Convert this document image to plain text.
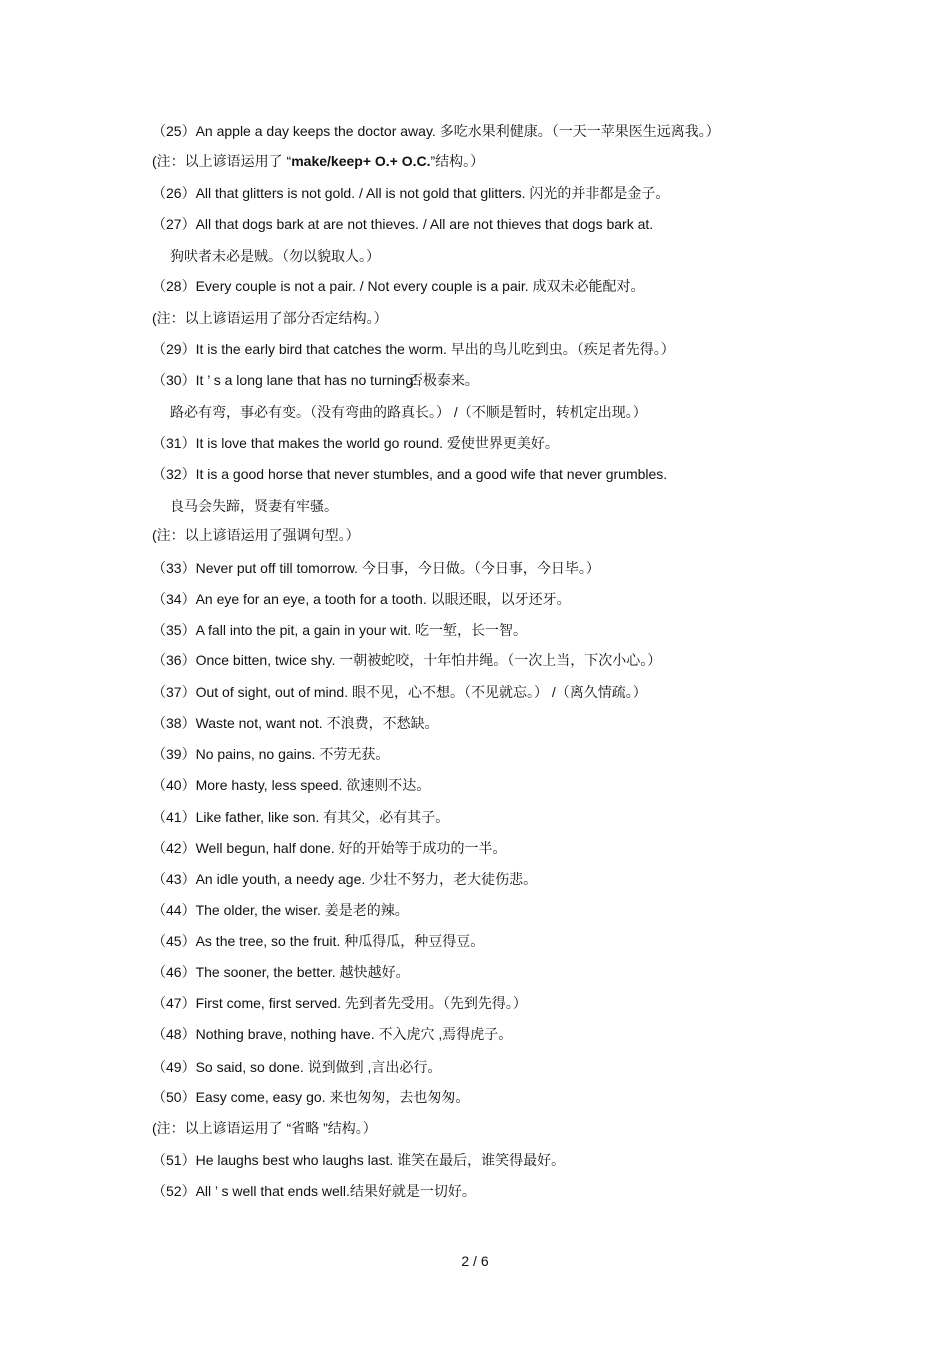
（25）An apple a day keeps the doctor away. 多吃水果利健康。（一天一苹果医生远离我。）
(注：以上谚语运用了 “make/keep+ O.+ O.C.”结构。）
（26）All that glitters is not gold. / All is not gold that glitters. 闪光的并非都是金子。
（27）All that dogs bark at are not thieves. / All are not thieves that dogs bark at.
狗吠者未必是贼。（勿以貌取人。）
（28）Every couple is not a pair. / Not every couple is a pair. 成双未必能配对。
(注：以上谚语运用了部分否定结构。）
（29）It is the early bird that catches the worm. 早出的鸟儿吃到虫。（疾足者先得。）
（30）It ’ s a long lane that has no turning.否极泰来。
路必有弯，事必有变。（没有弯曲的路真长。） /（不顺是暂时，转机定出现。）
（31）It is love that makes the world go round. 爱使世界更美好。
（32）It is a good horse that never stumbles, and a good wife that never grumbles.
良马会失蹄，贤妻有牢骚。
(注：以上谚语运用了强调句型。）
（33）Never put off till tomorrow. 今日事，今日做。（今日事，今日毕。）
（34）An eye for an eye, a tooth for a tooth. 以眼还眼，以牙还牙。
（35）A fall into the pit, a gain in your wit. 吃一堑，长一智。
（36）Once bitten, twice shy. 一朝被蛇咬，十年怕井绳。（一次上当，下次小心。）
（37）Out of sight, out of mind. 眼不见，心不想。（不见就忘。） /（离久情疏。）
（38）Waste not, want not. 不浪费，不愁缺。
（39）No pains, no gains. 不劳无获。
（40）More hasty, less speed. 欲速则不达。
（41）Like father, like son. 有其父，必有其子。
（42）Well begun, half done. 好的开始等于成功的一半。
（43）An idle youth, a needy age. 少壮不努力，老大徒伤悲。
（44）The older, the wiser. 姜是老的辣。
（45）As the tree, so the fruit. 种瓜得瓜，种豆得豆。
（46）The sooner, the better. 越快越好。
（47）First come, first served. 先到者先受用。（先到先得。）
（48）Nothing brave, nothing have. 不入虎穴 ,焉得虎子。
（49）So said, so done. 说到做到 ,言出必行。
（50）Easy come, easy go. 来也匆匆，去也匆匆。
(注：以上谚语运用了 “省略 ”结构。）
（51）He laughs best who laughs last. 谁笑在最后，谁笑得最好。
（52）All ’ s well that ends well.结果好就是一切好。
2 / 6
